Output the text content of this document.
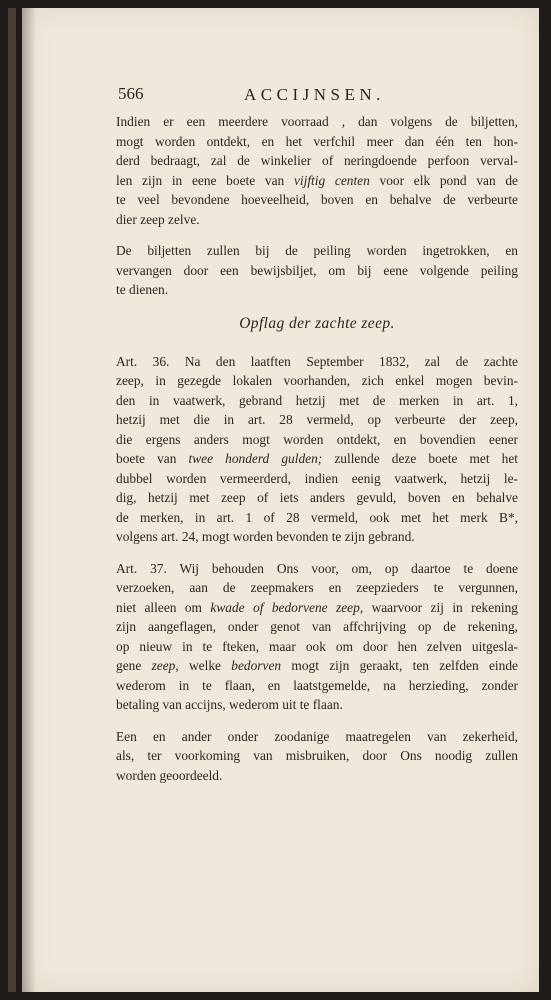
566	ACCIJNSEN.
Indien er een meerdere voorraad , dan volgens de biljetten,
mogt worden ontdekt, en het verfchil meer dan één ten hon-
derd bedraagt, zal de winkelier of neringdoende perfoon verval-
len zijn in eene boete van vijftig centen voor elk pond van de
te veel bevondene hoeveelheid, boven en behalve de verbeurte
dier zeep zelve.
De biljetten zullen bij de peiling worden ingetrokken, en
vervangen door een bewijsbiljet, om bij eene volgende peiling
te dienen.
Opflag der zachte zeep.
Art. 36. Na den laatften September 1832, zal de zachte
zeep, in gezegde lokalen voorhanden, zich enkel mogen bevin-
den in vaatwerk, gebrand hetzij met de merken in art. 1,
hetzij met die in art. 28 vermeld, op verbeurte der zeep,
die ergens anders mogt worden ontdekt, en bovendien eener
boete van twee honderd gulden; zullende deze boete met het
dubbel worden vermeerderd, indien eenig vaatwerk, hetzij le-
dig, hetzij met zeep of iets anders gevuld, boven en behalve
de merken, in art. 1 of 28 vermeld, ook met het merk B*,
volgens art. 24, mogt worden bevonden te zijn gebrand.
Art. 37. Wij behouden Ons voor, om, op daartoe te doene
verzoeken, aan de zeepmakers en zeepzieders te vergunnen,
niet alleen om kwade of bedorvene zeep, waarvoor zij in rekening
zijn aangeflagen, onder genot van affchrijving op de rekening,
op nieuw in te fteken, maar ook om door hen zelven uitgesla-
gene zeep, welke bedorven mogt zijn geraakt, ten zelfden einde
wederom in te flaan, en laatstgemelde, na herzieding, zonder
betaling van accijns, wederom uit te flaan.
Een en ander onder zoodanige maatregelen van zekerheid,
als, ter voorkoming van misbruiken, door Ons noodig zullen
worden geoordeeld.
